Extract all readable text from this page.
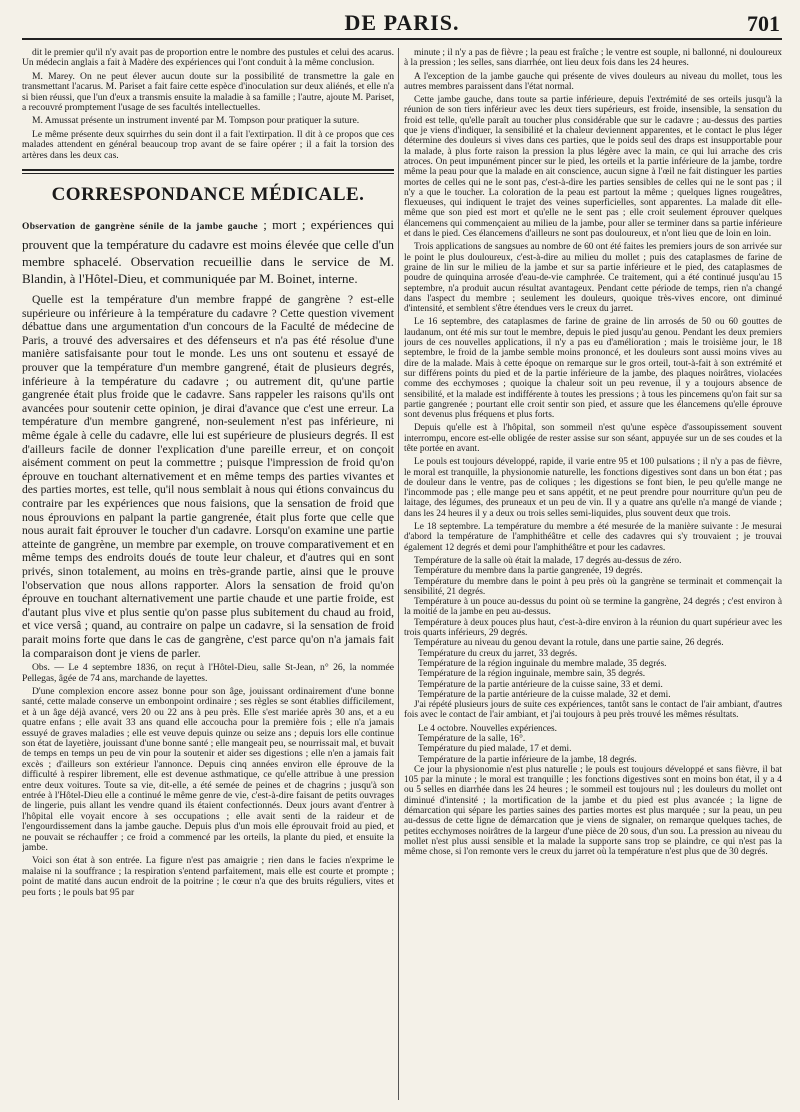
DE PARIS.	701

dit le premier qu'il n'y avait pas de proportion entre le nombre des pustules et celui des acarus. Un médecin anglais a fait à Madère des expériences qui l'ont conduit à la même conclusion.

M. Marey. On ne peut élever aucun doute sur la possibilité de transmettre la gale en transmettant l'acarus. M. Pariset a fait faire cette espèce d'inoculation sur deux aliénés, et elle n'a si bien réussi, que l'un d'eux a transmis ensuite la maladie à sa famille ; l'autre, ajoute M. Pariset, a recouvré promptement l'usage de ses facultés intellectuelles.

M. Amussat présente un instrument inventé par M. Tompson pour pratiquer la suture.

Le même présente deux squirrhes du sein dont il a fait l'extirpation. Il dit à ce propos que ces malades attendent en général beaucoup trop avant de se faire opérer ; il a fait la torsion des artères dans les deux cas.

CORRESPONDANCE MÉDICALE.

Observation de gangrène sénile de la jambe gauche ; mort ; expériences qui prouvent que la température du cadavre est moins élevée que celle d'un membre sphacelé. Observation recueillie dans le service de M. Blandin, à l'Hôtel-Dieu, et communiquée par M. Boinet, interne.

Quelle est la température d'un membre frappé de gangrène ? est-elle supérieure ou inférieure à la température du cadavre ? Cette question vivement débattue dans une argumentation d'un concours de la Faculté de médecine de Paris, a trouvé des adversaires et des défenseurs et n'a pas été résolue d'une manière satisfaisante pour tout le monde. Les uns ont soutenu et essayé de prouver que la température d'un membre gangrené, était de plusieurs degrés, inférieure à la température du cadavre ; ou autrement dit, qu'une partie gangrenée était plus froide que le cadavre. Sans rappeler les raisons qu'ils ont avancées pour soutenir cette opinion, je dirai d'avance que c'est une erreur. La température d'un membre gangrené, non-seulement n'est pas inférieure, ni même égale à celle du cadavre, elle lui est supérieure de plusieurs degrés. Il est d'ailleurs facile de donner l'explication d'une pareille erreur, et on conçoit aisément comment on peut la commettre ; puisque l'impression de froid qu'on éprouve en touchant alternativement et en même temps des parties vivantes et des parties mortes, est telle, qu'il nous semblait à nous qui étions convaincus du contraire par les expériences que nous faisions, que la sensation de froid que nous éprouvions en palpant la partie gangrenée, était plus forte que celle que nous aurait fait éprouver le toucher d'un cadavre. Lorsqu'on examine une partie atteinte de gangrène, un membre par exemple, on trouve comparativement et en même temps des endroits doués de toute leur chaleur, et d'autres qui en sont privés, sinon totalement, au moins en très-grande partie, ainsi que le prouve l'observation que nous allons rapporter. Alors la sensation de froid qu'on éprouve en touchant alternativement une partie chaude et une partie froide, est d'autant plus vive et plus sentie qu'on passe plus subitement du chaud au froid, et vice versâ ; quand, au contraire on palpe un cadavre, si la sensation de froid parait moins forte que dans le cas de gangrène, c'est parce qu'on n'a jamais fait la comparaison dont je viens de parler.

Obs. — Le 4 septembre 1836, on reçut à l'Hôtel-Dieu, salle St-Jean, n° 26, la nommée Pellegas, âgée de 74 ans, marchande de layettes.

D'une complexion encore assez bonne pour son âge, jouissant ordinairement d'une bonne santé, cette malade conserve un embonpoint ordinaire ; ses règles se sont établies difficilement, et à un âge déjà avancé, vers 20 ou 22 ans à peu près. Elle s'est mariée après 30 ans, et a eu quatre enfans ; elle avait 33 ans quand elle accoucha pour la première fois ; elle n'a jamais essuyé de graves maladies ; elle est veuve depuis quinze ou seize ans ; depuis lors elle continue son état de layetière, jouissant d'une bonne santé ; elle mangeait peu, se nourrissait mal, et buvait de temps en temps un peu de vin pour la soutenir et aider ses digestions ; elle n'en a jamais fait excès ; d'ailleurs son extérieur l'annonce. Depuis cinq années environ elle éprouve de la difficulté à respirer librement, elle est devenue asthmatique, ce qu'elle attribue à une pression entre deux voitures. Toute sa vie, dit-elle, a été semée de peines et de chagrins ; jusqu'à son entrée à l'Hôtel-Dieu elle a continué le même genre de vie, c'est-à-dire faisant de petits ouvrages de lingerie, puis allant les vendre quand ils étaient confectionnés. Deux jours avant d'entrer à l'hôpital elle voyait encore à ses occupations ; elle avait senti de la raideur et de l'engourdissement dans la jambe gauche. Depuis plus d'un mois elle éprouvait froid au pied, et ne pouvait se réchauffer ; ce froid a commencé par les orteils, la plante du pied, et ensuite la jambe.

Voici son état à son entrée. La figure n'est pas amaigrie ; rien dans le facies n'exprime le malaise ni la souffrance ; la respiration s'entend parfaitement, mais elle est courte et prompte ; point de matité dans aucun endroit de la poitrine ; le cœur n'a que des bruits réguliers, vites et peu forts ; le pouls bat 95 par

minute ; il n'y a pas de fièvre ; la peau est fraîche ; le ventre est souple, ni ballonné, ni douloureux à la pression ; les selles, sans diarrhée, ont lieu deux fois dans les 24 heures.

A l'exception de la jambe gauche qui présente de vives douleurs au niveau du mollet, tous les autres membres paraissent dans l'état normal.

Cette jambe gauche, dans toute sa partie inférieure, depuis l'extrémité de ses orteils jusqu'à la réunion de son tiers inférieur avec les deux tiers supérieurs, est froide, insensible, la sensation du froid est telle, qu'elle paraît au toucher plus considérable que sur le cadavre ; au-dessus des parties que je viens d'indiquer, la sensibilité et la chaleur deviennent apparentes, et le contact le plus léger détermine des douleurs si vives dans ces parties, que le poids seul des draps est insupportable pour la malade, à plus forte raison la pression la plus légère avec la main, ce qui lui arrache des cris atroces. On peut impunément pincer sur le pied, les orteils et la partie inférieure de la jambe, tordre même la peau pour que la malade en ait conscience, aucun signe à l'œil ne fait distinguer les parties mortes de celles qui ne le sont pas, c'est-à-dire les parties sensibles de celles qui ne le sont pas ; il n'y a que le toucher. La coloration de la peau est partout la même ; quelques lignes rougeâtres, flexueuses, qui indiquent le trajet des veines superficielles, sont apparentes. La malade dit elle-même que son pied est mort et qu'elle ne le sent pas ; elle croit seulement éprouver quelques élancemens qui commençaient au milieu de la jambe, pour aller se terminer dans sa partie inférieure et dans le pied. Ces élancemens d'ailleurs ne sont pas douloureux, et n'ont lieu que de loin en loin.

Trois applications de sangsues au nombre de 60 ont été faites les premiers jours de son arrivée sur le point le plus douloureux, c'est-à-dire au milieu du mollet ; puis des cataplasmes de farine de graine de lin sur le milieu de la jambe et sur sa partie inférieure et le pied, des cataplasmes de poudre de quinquina arrosée d'eau-de-vie camphrée. Ce traitement, qui a été continué jusqu'au 15 septembre, n'a produit aucun résultat avantageux. Pendant cette période de temps, rien n'a changé dans l'aspect du membre ; seulement les douleurs, quoique très-vives encore, ont diminué d'intensité, et semblent s'être étendues vers le creux du jarret.

Le 16 septembre, des cataplasmes de farine de graine de lin arrosés de 50 ou 60 gouttes de laudanum, ont été mis sur tout le membre, depuis le pied jusqu'au genou. Pendant les deux premiers jours de ces nouvelles applications, il n'y a pas eu d'amélioration ; mais le troisième jour, le 18 septembre, le froid de la jambe semble moins prononcé, et les douleurs sont aussi moins vives au dire de la malade. Mais à cette époque on remarque sur le gros orteil, tout-à-fait à son extrémité et sur différens points du pied et de la partie inférieure de la jambe, des plaques noirâtres, violacées comme des ecchymoses ; quoique la chaleur soit un peu revenue, il y a toujours absence de sensibilité, et la malade est indifférente à toutes les pressions ; à tous les pincemens qu'on fait sur sa partie gangrenée ; pourtant elle croit sentir son pied, et assure que les élancemens qu'elle éprouve sont devenus plus fréquens et plus forts.

Depuis qu'elle est à l'hôpital, son sommeil n'est qu'une espèce d'assoupissement souvent interrompu, encore est-elle obligée de rester assise sur son séant, appuyée sur un de ses coudes et la tête portée en avant.

Le pouls est toujours développé, rapide, il varie entre 95 et 100 pulsations ; il n'y a pas de fièvre, le moral est tranquille, la physionomie naturelle, les fonctions digestives sont dans un bon état ; pas de douleur dans le ventre, pas de coliques ; les digestions se font bien, le peu qu'elle mange ne l'incommode pas ; elle mange peu et sans appétit, et ne peut prendre pour nourriture qu'un peu de laitage, des légumes, des pruneaux et un peu de vin. Il y a quatre ans qu'elle n'a mangé de viande ; dans les 24 heures il y a deux ou trois selles semi-liquides, plus souvent deux que trois.

Le 18 septembre. La température du membre a été mesurée de la manière suivante : Je mesurai d'abord la température de l'amphithéâtre et celle des cadavres qui s'y trouvaient ; je trouvai également 12 degrés et demi pour l'amphithéâtre et pour les cadavres.

Température de la salle où était la malade, 17 degrés au-dessus de zéro.

Température du membre dans la partie gangrenée, 19 degrés.

Température du membre dans le point à peu près où la gangrène se terminait et commençait la sensibilité, 21 degrés.

Température à un pouce au-dessus du point où se termine la gangrène, 24 degrés ; c'est environ à la moitié de la jambe en peu au-dessus.

Température à deux pouces plus haut, c'est-à-dire environ à la réunion du quart supérieur avec les trois quarts inférieurs, 29 degrés.

Température au niveau du genou devant la rotule, dans une partie saine, 26 degrés.

Température du creux du jarret, 33 degrés.

Température de la région inguinale du membre malade, 35 degrés.

Température de la région inguinale, membre sain, 35 degrés.

Température de la partie antérieure de la cuisse saine, 33 et demi.

Température de la partie antérieure de la cuisse malade, 32 et demi.

J'ai répété plusieurs jours de suite ces expériences, tantôt sans le contact de l'air ambiant, d'autres fois avec le contact de l'air ambiant, et j'ai toujours à peu près trouvé les mêmes résultats.

Le 4 octobre. Nouvelles expériences.

Température de la salle, 16°.

Température du pied malade, 17 et demi.

Température de la partie inférieure de la jambe, 18 degrés.

Ce jour la physionomie n'est plus naturelle ; le pouls est toujours développé et sans fièvre, il bat 105 par la minute ; le moral est tranquille ; les fonctions digestives sont en moins bon état, il y a 4 ou 5 selles en diarrhée dans les 24 heures ; le sommeil est toujours nul ; les douleurs du mollet ont diminué d'intensité ; la mortification de la jambe et du pied est plus avancée ; la ligne de démarcation qui sépare les parties saines des parties mortes est plus marquée ; sur la peau, un peu au-dessus de cette ligne de démarcation que je viens de signaler, on remarque quelques taches, de petites ecchymoses noirâtres de la largeur d'une pièce de 20 sous, d'un sou. La pression au niveau du mollet n'est plus aussi sensible et la malade la supporte sans trop se plaindre, ce qui n'est pas la même chose, si l'on remonte vers le creux du jarret où la température n'est plus que de 30 degrés.
